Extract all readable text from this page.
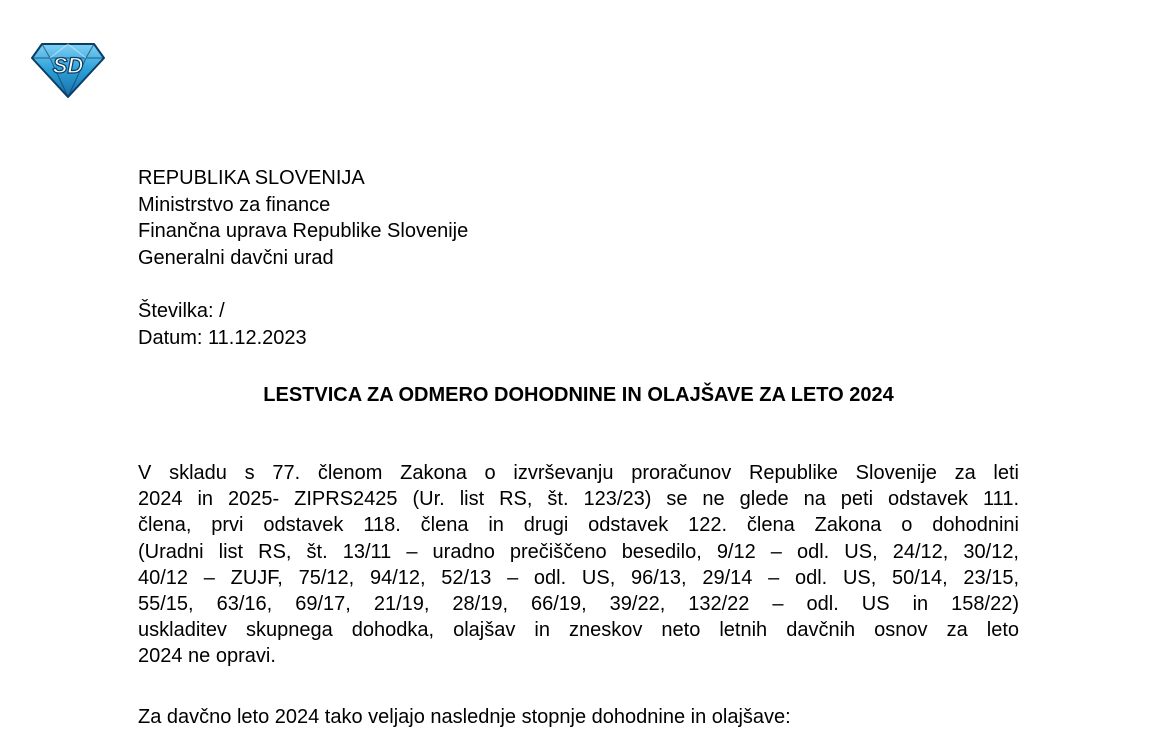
SD
REPUBLIKA SLOVENIJA
Ministrstvo za finance
Finančna uprava Republike Slovenije
Generalni davčni urad
Številka: /
Datum: 11.12.2023
LESTVICA ZA ODMERO DOHODNINE IN OLAJŠAVE ZA LETO 2024
V skladu s 77. členom Zakona o izvrševanju proračunov Republike Slovenije za leti
2024 in 2025- ZIPRS2425 (Ur. list RS, št. 123/23) se ne glede na peti odstavek 111.
člena, prvi odstavek 118. člena in drugi odstavek 122. člena Zakona o dohodnini
(Uradni list RS, št. 13/11 – uradno prečiščeno besedilo, 9/12 – odl. US, 24/12, 30/12,
40/12 – ZUJF, 75/12, 94/12, 52/13 – odl. US, 96/13, 29/14 – odl. US, 50/14, 23/15,
55/15, 63/16, 69/17, 21/19, 28/19, 66/19, 39/22, 132/22 – odl. US in 158/22)
uskladitev skupnega dohodka, olajšav in zneskov neto letnih davčnih osnov za leto
2024 ne opravi.
Za davčno leto 2024 tako veljajo naslednje stopnje dohodnine in olajšave:
